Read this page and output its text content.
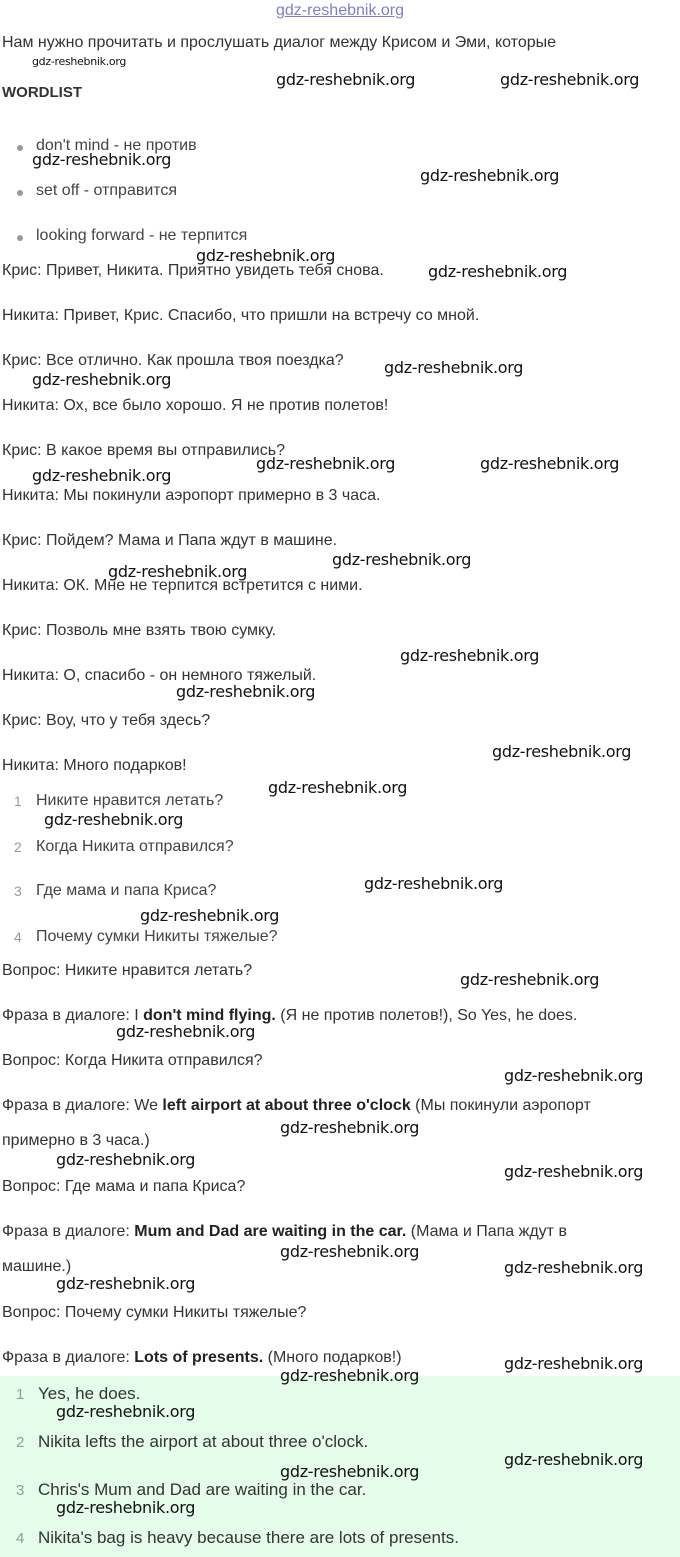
gdz-reshebnik.org
Нам нужно прочитать и прослушать диалог между Крисом и Эми, которые
WORDLIST
don't mind - не против
set off - отправится
looking forward - не терпится
Крис: Привет, Никита. Приятно увидеть тебя снова.
Никита: Привет, Крис. Спасибо, что пришли на встречу со мной.
Крис: Все отлично. Как прошла твоя поездка?
Никита: Ох, все было хорошо. Я не против полетов!
Крис: В какое время вы отправились?
Никита: Мы покинули аэропорт примерно в 3 часа.
Крис: Пойдем? Мама и Папа ждут в машине.
Никита: ОК. Мне не терпится встретится с ними.
Крис: Позволь мне взять твою сумку.
Никита: О, спасибо - он немного тяжелый.
Крис: Воу, что у тебя здесь?
Никита: Много подарков!
1 Никите нравится летать?
2 Когда Никита отправился?
3 Где мама и папа Криса?
4 Почему сумки Никиты тяжелые?
Вопрос: Никите нравится летать?
Фраза в диалоге: I don't mind flying. (Я не против полетов!), So Yes, he does.
Вопрос: Когда Никита отправился?
Фраза в диалоге: We left airport at about three o'clock (Мы покинули аэропорт
примерно в 3 часа.)
Вопрос: Где мама и папа Криса?
Фраза в диалоге: Mum and Dad are waiting in the car. (Мама и Папа ждут в
машине.)
Вопрос: Почему сумки Никиты тяжелые?
Фраза в диалоге: Lots of presents. (Много подарков!)
1 Yes, he does.
2 Nikita lefts the airport at about three o'clock.
3 Chris's Mum and Dad are waiting in the car.
4 Nikita's bag is heavy because there are lots of presents.
gdz-reshebnik.org
gdz-reshebnik.org	gdz-reshebnik.org
gdz-reshebnik.org
gdz-reshebnik.org
gdz-reshebnik.org
gdz-reshebnik.org
gdz-reshebnik.org
gdz-reshebnik.org
gdz-reshebnik.org	gdz-reshebnik.org
gdz-reshebnik.org
gdz-reshebnik.org
gdz-reshebnik.org
gdz-reshebnik.org
gdz-reshebnik.org
gdz-reshebnik.org
gdz-reshebnik.org
gdz-reshebnik.org
gdz-reshebnik.org
gdz-reshebnik.org
gdz-reshebnik.org
gdz-reshebnik.org
gdz-reshebnik.org
gdz-reshebnik.org
gdz-reshebnik.org
gdz-reshebnik.org
gdz-reshebnik.org
gdz-reshebnik.org
gdz-reshebnik.org
gdz-reshebnik.org
gdz-reshebnik.org
gdz-reshebnik.org
gdz-reshebnik.org
gdz-reshebnik.org
gdz-reshebnik.org
